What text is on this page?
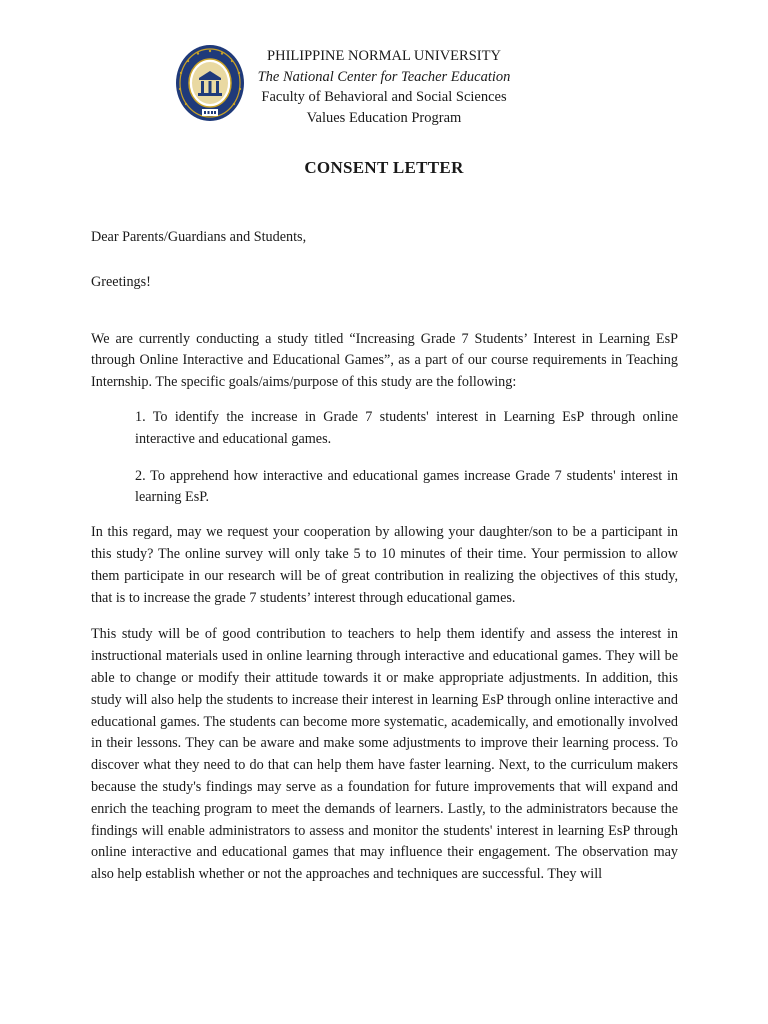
PHILIPPINE NORMAL UNIVERSITY
The National Center for Teacher Education
Faculty of Behavioral and Social Sciences
Values Education Program
CONSENT LETTER

Dear Parents/Guardians and Students,

Greetings!

We are currently conducting a study titled “Increasing Grade 7 Students’ Interest in Learning EsP through Online Interactive and Educational Games”, as a part of our course requirements in Teaching Internship. The specific goals/aims/purpose of this study are the following:

1. To identify the increase in Grade 7 students' interest in Learning EsP through online interactive and educational games.
2. To apprehend how interactive and educational games increase Grade 7 students' interest in learning EsP.

In this regard, may we request your cooperation by allowing your daughter/son to be a participant in this study? The online survey will only take 5 to 10 minutes of their time. Your permission to allow them participate in our research will be of great contribution in realizing the objectives of this study, that is to increase the grade 7 students’ interest through educational games.

This study will be of good contribution to teachers to help them identify and assess the interest in instructional materials used in online learning through interactive and educational games. They will be able to change or modify their attitude towards it or make appropriate adjustments. In addition, this study will also help the students to increase their interest in learning EsP through online interactive and educational games. The students can become more systematic, academically, and emotionally involved in their lessons. They can be aware and make some adjustments to improve their learning process. To discover what they need to do that can help them have faster learning. Next, to the curriculum makers because the study's findings may serve as a foundation for future improvements that will expand and enrich the teaching program to meet the demands of learners. Lastly, to the administrators because the findings will enable administrators to assess and monitor the students' interest in learning EsP through online interactive and educational games that may influence their engagement. The observation may also help establish whether or not the approaches and techniques are successful. They will
